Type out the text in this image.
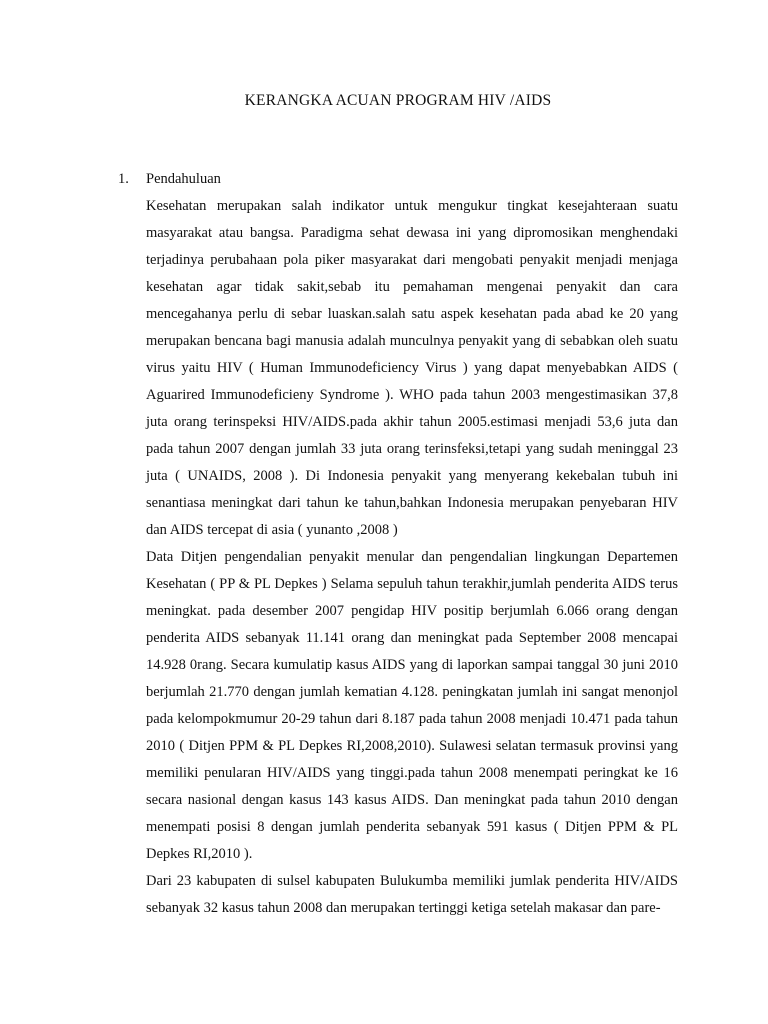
KERANGKA ACUAN PROGRAM HIV /AIDS
1.	Pendahuluan

Kesehatan merupakan salah indikator untuk mengukur tingkat kesejahteraan suatu masyarakat atau bangsa. Paradigma sehat dewasa ini yang dipromosikan menghendaki terjadinya perubahaan pola piker masyarakat dari mengobati penyakit menjadi menjaga kesehatan agar tidak sakit,sebab itu pemahaman mengenai penyakit dan cara mencegahanya perlu di sebar luaskan.salah satu aspek kesehatan pada abad ke 20 yang merupakan bencana bagi manusia adalah munculnya penyakit yang di sebabkan oleh suatu virus yaitu HIV ( Human Immunodeficiency Virus ) yang dapat menyebabkan AIDS ( Aguarired Immunodeficieny Syndrome ). WHO pada tahun 2003 mengestimasikan 37,8 juta orang terinspeksi HIV/AIDS.pada akhir tahun 2005.estimasi menjadi 53,6 juta dan pada tahun 2007 dengan jumlah 33 juta orang terinsfeksi,tetapi yang sudah meninggal 23 juta ( UNAIDS, 2008 ). Di Indonesia penyakit yang menyerang kekebalan tubuh ini senantiasa meningkat dari tahun ke tahun,bahkan Indonesia merupakan penyebaran HIV dan AIDS tercepat di asia ( yunanto ,2008 )

Data Ditjen pengendalian penyakit menular dan pengendalian lingkungan Departemen Kesehatan ( PP & PL Depkes ) Selama sepuluh tahun terakhir,jumlah penderita AIDS terus meningkat. pada desember 2007 pengidap HIV positip berjumlah 6.066 orang dengan penderita AIDS sebanyak 11.141 orang dan meningkat pada September 2008 mencapai 14.928 0rang. Secara kumulatip kasus AIDS yang di laporkan sampai tanggal 30 juni 2010 berjumlah 21.770 dengan jumlah kematian 4.128. peningkatan jumlah ini sangat menonjol pada kelompokmumur 20-29 tahun dari 8.187 pada tahun 2008 menjadi 10.471 pada tahun 2010 ( Ditjen PPM & PL Depkes RI,2008,2010). Sulawesi selatan termasuk provinsi yang memiliki penularan HIV/AIDS yang tinggi.pada tahun 2008 menempati peringkat ke 16 secara nasional dengan kasus 143 kasus AIDS. Dan meningkat pada tahun 2010 dengan menempati posisi 8 dengan jumlah penderita sebanyak 591 kasus ( Ditjen PPM & PL Depkes RI,2010 ).

Dari 23 kabupaten di sulsel kabupaten Bulukumba memiliki jumlak penderita HIV/AIDS sebanyak 32 kasus tahun 2008 dan merupakan tertinggi ketiga setelah makasar dan pare-
